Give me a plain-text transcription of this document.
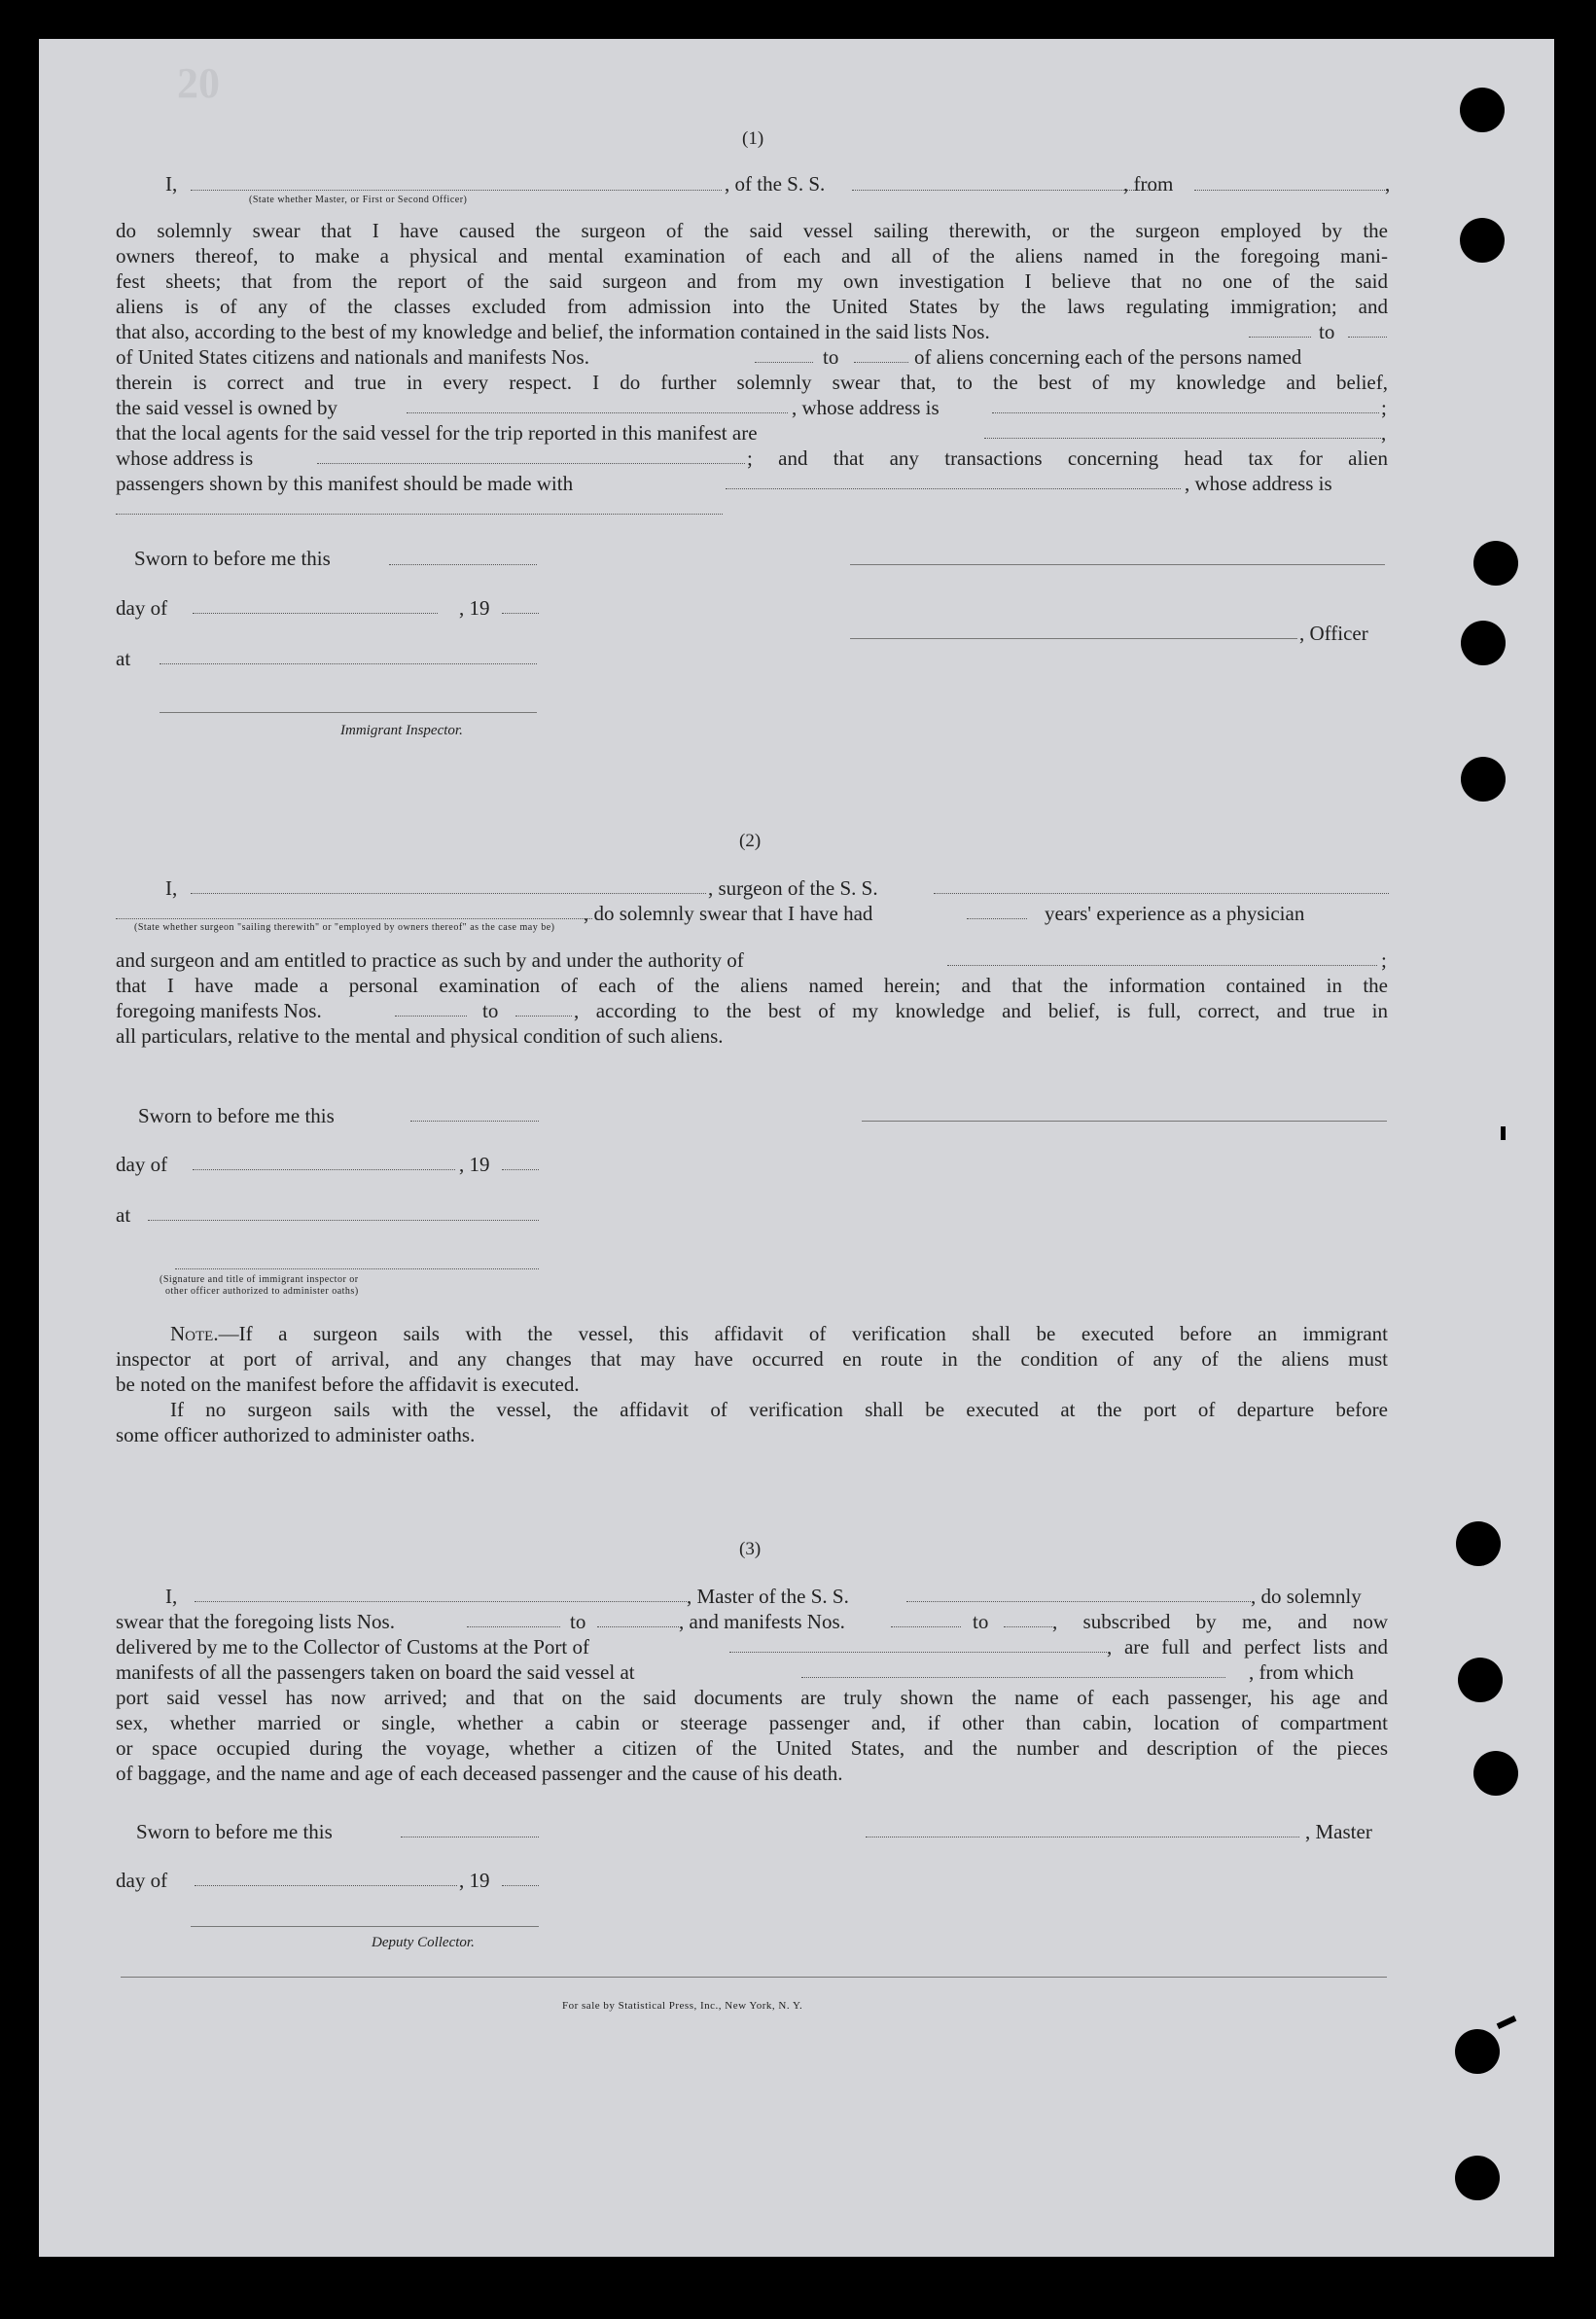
20
(1)
I,	, of the S. S.	, from	,
(State whether Master, or First or Second Officer)
do solemnly swear that I have caused the surgeon of the said vessel sailing therewith, or the surgeon employed by the
owners thereof, to make a physical and mental examination of each and all of the aliens named in the foregoing mani-
fest sheets; that from the report of the said surgeon and from my own investigation I believe that no one of the said
aliens is of any of the classes excluded from admission into the United States by the laws regulating immigration; and
that also, according to the best of my knowledge and belief, the information contained in the said lists Nos.	to
of United States citizens and nationals and manifests Nos.	to	of aliens concerning each of the persons named
therein is correct and true in every respect. I do further solemnly swear that, to the best of my knowledge and belief,
the said vessel is owned by	, whose address is	;
that the local agents for the said vessel for the trip reported in this manifest are	,
whose address is	; and that any transactions concerning head tax for alien
passengers shown by this manifest should be made with	, whose address is
Sworn to before me this
day of	, 19
, Officer
at
Immigrant Inspector.
(2)
I,	, surgeon of the S. S.
, do solemnly swear that I have had	years' experience as a physician
(State whether surgeon "sailing therewith" or "employed by owners thereof" as the case may be)
and surgeon and am entitled to practice as such by and under the authority of	;
that I have made a personal examination of each of the aliens named herein; and that the information contained in the
foregoing manifests Nos.	to	, according to the best of my knowledge and belief, is full, correct, and true in
all particulars, relative to the mental and physical condition of such aliens.
Sworn to before me this
day of	, 19
at
(Signature and title of immigrant inspector or
other officer authorized to administer oaths)
Note.—If a surgeon sails with the vessel, this affidavit of verification shall be executed before an immigrant
inspector at port of arrival, and any changes that may have occurred en route in the condition of any of the aliens must
be noted on the manifest before the affidavit is executed.
If no surgeon sails with the vessel, the affidavit of verification shall be executed at the port of departure before
some officer authorized to administer oaths.
(3)
I,	, Master of the S. S.	, do solemnly
swear that the foregoing lists Nos.	to	, and manifests Nos.	to	, subscribed by me, and now
delivered by me to the Collector of Customs at the Port of	, are full and perfect lists and
manifests of all the passengers taken on board the said vessel at	, from which
port said vessel has now arrived; and that on the said documents are truly shown the name of each passenger, his age and
sex, whether married or single, whether a cabin or steerage passenger and, if other than cabin, location of compartment
or space occupied during the voyage, whether a citizen of the United States, and the number and description of the pieces
of baggage, and the name and age of each deceased passenger and the cause of his death.
Sworn to before me this	, Master
day of	, 19
Deputy Collector.
For sale by Statistical Press, Inc., New York, N. Y.
